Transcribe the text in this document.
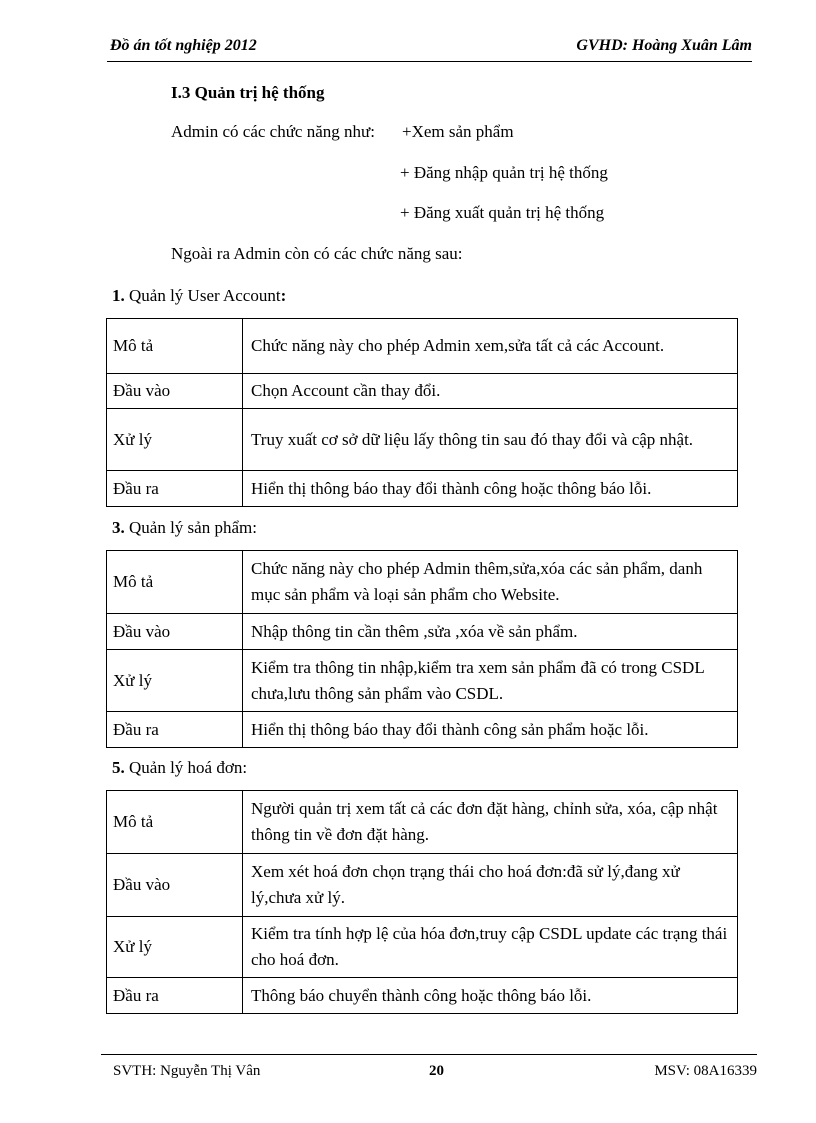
Đồ án tốt nghiệp 2012	GVHD: Hoàng Xuân Lâm
I.3 Quản trị hệ thống
Admin có các chức năng như: +Xem sản phẩm
+ Đăng nhập quản trị hệ thống
+ Đăng xuất quản trị hệ thống
Ngoài ra Admin còn có các chức năng sau:
1. Quản lý User Account:
Mô tả	Chức năng này cho phép Admin xem,sửa tất cả các Account.
Đầu vào	Chọn Account cần thay đổi.
Xử lý	Truy xuất cơ sở dữ liệu lấy thông tin sau đó thay đổi và cập nhật.
Đầu ra	Hiển thị thông báo thay đổi thành công hoặc thông báo lỗi.
3. Quản lý sản phẩm:
Mô tả	Chức năng này cho phép Admin thêm,sửa,xóa các sản phẩm, danh mục sản phẩm và loại sản phẩm cho Website.
Đầu vào	Nhập thông tin cần thêm ,sửa ,xóa về sản phẩm.
Xử lý	Kiểm tra thông tin nhập,kiểm tra xem sản phẩm đã có trong CSDL chưa,lưu thông sản phẩm vào CSDL.
Đầu ra	Hiển thị thông báo thay đổi thành công sản phẩm hoặc lỗi.
5. Quản lý hoá đơn:
Mô tả	Người quản trị xem tất cả các đơn đặt hàng, chỉnh sửa, xóa, cập nhật thông tin về đơn đặt hàng.
Đầu vào	Xem xét hoá đơn chọn trạng thái cho hoá đơn:đã sử lý,đang xử lý,chưa xử lý.
Xử lý	Kiểm tra tính hợp lệ của hóa đơn,truy cập CSDL update các trạng thái cho hoá đơn.
Đầu ra	Thông báo chuyển thành công hoặc thông báo lỗi.
SVTH: Nguyễn Thị Vân	20	MSV: 08A16339
